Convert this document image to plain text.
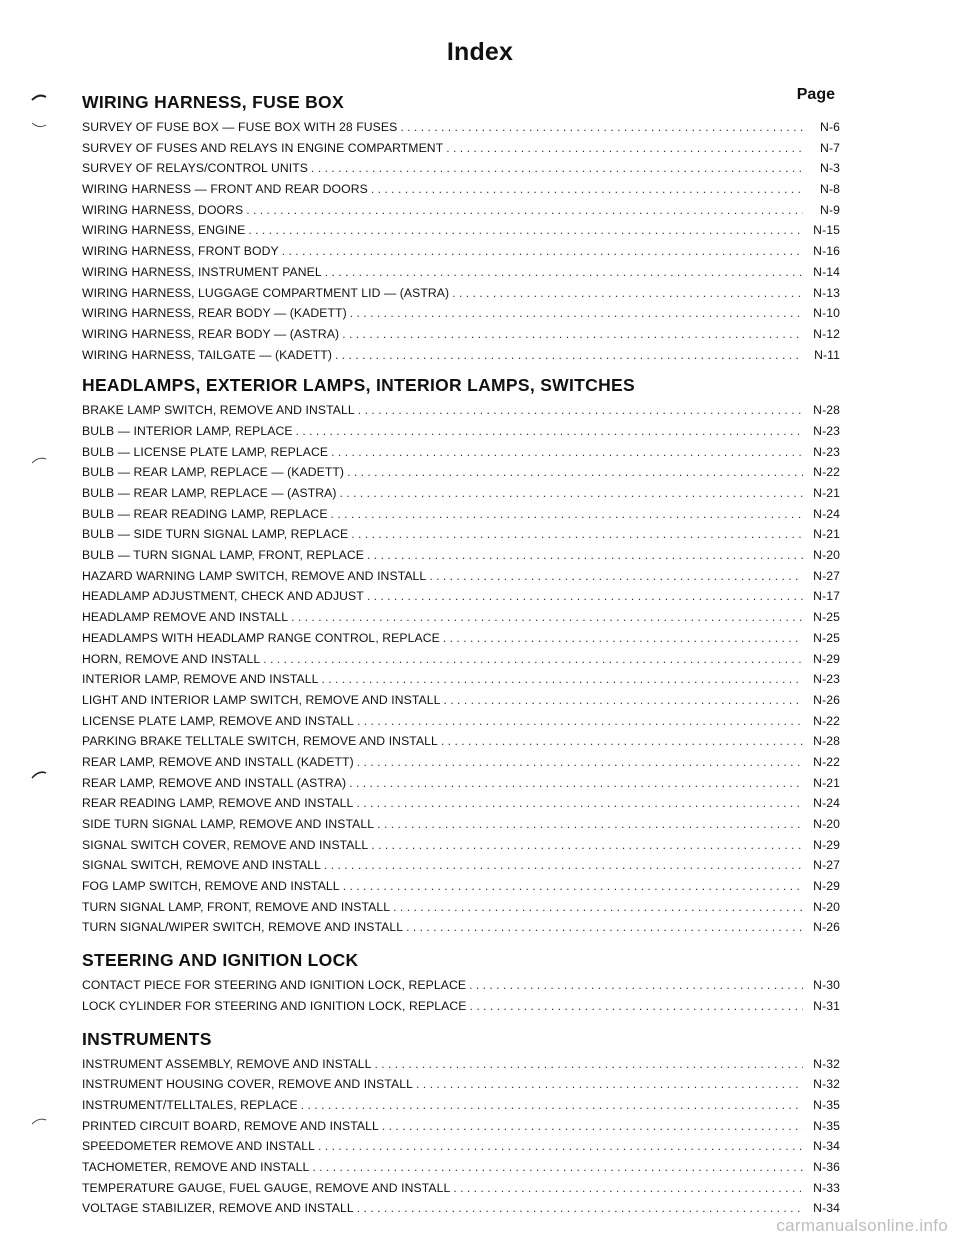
Index
Page
WIRING HARNESS, FUSE BOX
SURVEY OF FUSE BOX — FUSE BOX WITH 28 FUSES . . .	N-6
SURVEY OF FUSES AND RELAYS IN ENGINE COMPARTMENT . . .	N-7
SURVEY OF RELAYS/CONTROL UNITS . . .	N-3
WIRING HARNESS — FRONT AND REAR DOORS . . .	N-8
WIRING HARNESS, DOORS . . .	N-9
WIRING HARNESS, ENGINE . . .	N-15
WIRING HARNESS, FRONT BODY . . .	N-16
WIRING HARNESS, INSTRUMENT PANEL . . .	N-14
WIRING HARNESS, LUGGAGE COMPARTMENT LID — (ASTRA) . . .	N-13
WIRING HARNESS, REAR BODY — (KADETT) . . .	N-10
WIRING HARNESS, REAR BODY — (ASTRA) . . .	N-12
WIRING HARNESS, TAILGATE — (KADETT) . . .	N-11
HEADLAMPS, EXTERIOR LAMPS, INTERIOR LAMPS, SWITCHES
BRAKE LAMP SWITCH, REMOVE AND INSTALL . . .	N-28
BULB — INTERIOR LAMP, REPLACE . . .	N-23
BULB — LICENSE PLATE LAMP, REPLACE . . .	N-23
BULB — REAR LAMP, REPLACE — (KADETT) . . .	N-22
BULB — REAR LAMP, REPLACE — (ASTRA) . . .	N-21
BULB — REAR READING LAMP, REPLACE . . .	N-24
BULB — SIDE TURN SIGNAL LAMP, REPLACE . . .	N-21
BULB — TURN SIGNAL LAMP, FRONT, REPLACE . . .	N-20
HAZARD WARNING LAMP SWITCH, REMOVE AND INSTALL . . .	N-27
HEADLAMP ADJUSTMENT, CHECK AND ADJUST . . .	N-17
HEADLAMP REMOVE AND INSTALL . . .	N-25
HEADLAMPS WITH HEADLAMP RANGE CONTROL, REPLACE . . .	N-25
HORN, REMOVE AND INSTALL . . .	N-29
INTERIOR LAMP, REMOVE AND INSTALL . . .	N-23
LIGHT AND INTERIOR LAMP SWITCH, REMOVE AND INSTALL . . .	N-26
LICENSE PLATE LAMP, REMOVE AND INSTALL . . .	N-22
PARKING BRAKE TELLTALE SWITCH, REMOVE AND INSTALL . . .	N-28
REAR LAMP, REMOVE AND INSTALL (KADETT) . . .	N-22
REAR LAMP, REMOVE AND INSTALL (ASTRA) . . .	N-21
REAR READING LAMP, REMOVE AND INSTALL . . .	N-24
SIDE TURN SIGNAL LAMP, REMOVE AND INSTALL . . .	N-20
SIGNAL SWITCH COVER, REMOVE AND INSTALL . . .	N-29
SIGNAL SWITCH, REMOVE AND INSTALL . . .	N-27
FOG LAMP SWITCH, REMOVE AND INSTALL . . .	N-29
TURN SIGNAL LAMP, FRONT, REMOVE AND INSTALL . . .	N-20
TURN SIGNAL/WIPER SWITCH, REMOVE AND INSTALL . . .	N-26
STEERING AND IGNITION LOCK
CONTACT PIECE FOR STEERING AND IGNITION LOCK, REPLACE . . .	N-30
LOCK CYLINDER FOR STEERING AND IGNITION LOCK, REPLACE . . .	N-31
INSTRUMENTS
INSTRUMENT ASSEMBLY, REMOVE AND INSTALL . . .	N-32
INSTRUMENT HOUSING COVER, REMOVE AND INSTALL . . .	N-32
INSTRUMENT/TELLTALES, REPLACE . . .	N-35
PRINTED CIRCUIT BOARD, REMOVE AND INSTALL . . .	N-35
SPEEDOMETER REMOVE AND INSTALL . . .	N-34
TACHOMETER, REMOVE AND INSTALL . . .	N-36
TEMPERATURE GAUGE, FUEL GAUGE, REMOVE AND INSTALL . . .	N-33
VOLTAGE STABILIZER, REMOVE AND INSTALL . . .	N-34
carmanualsonline.info
